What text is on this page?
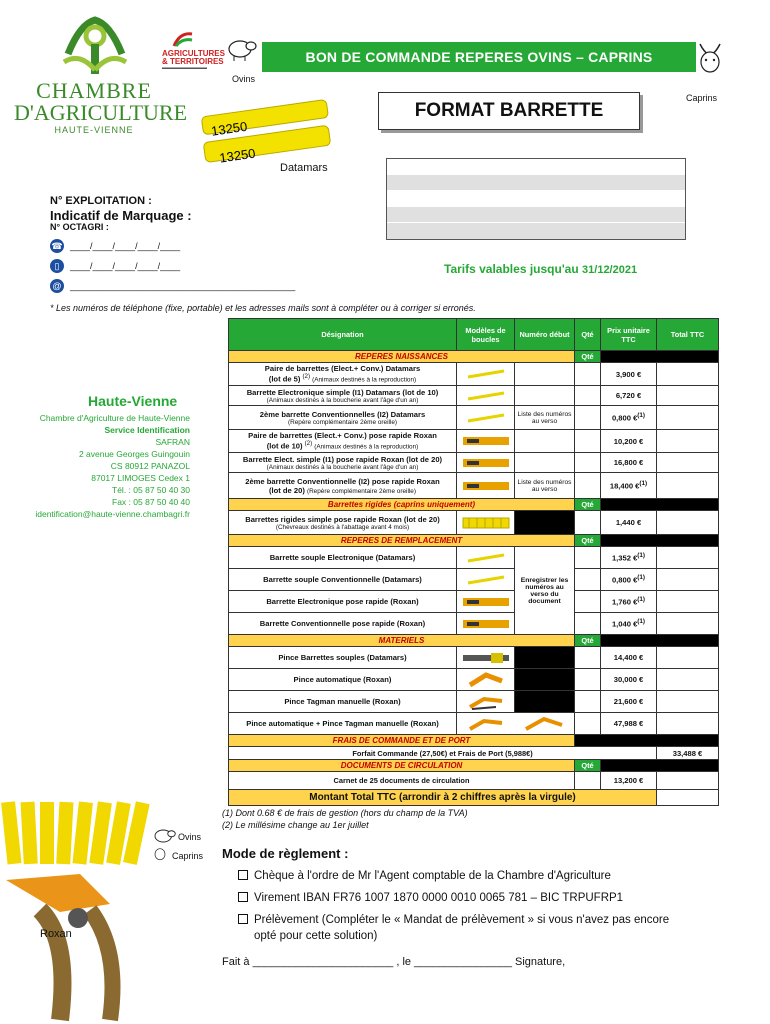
CHAMBRE
D'AGRICULTURE
HAUTE-VIENNE
AGRICULTURES
& TERRITOIRES
▬▬▬▬▬▬▬▬▬
Ovins
BON DE COMMANDE REPERES OVINS – CAPRINS
Caprins
FORMAT BARRETTE
13250
13250
Datamars
N° EXPLOITATION :
Indicatif de Marquage :
N° OCTAGRI :
☎ ____/____/____/____/____
▯	____/____/____/____/____
@ _____________________________________________
Tarifs valables jusqu'au 31/12/2021
* Les numéros de téléphone (fixe, portable) et les adresses mails sont à compléter ou à corriger si erronés.
Haute-Vienne
Chambre d'Agriculture de Haute-Vienne
Service Identification
SAFRAN
2 avenue Georges Guingouin
CS 80912 PANAZOL
87017 LIMOGES Cedex 1
Tél. : 05 87 50 40 30
Fax : 05 87 50 40 40
identification@haute-vienne.chambagri.fr
Désignation	Modèles de boucles	Numéro début	Qté	Prix unitaire TTC	Total TTC
REPERES NAISSANCES			Qté		

Paire de barrettes (Elect.+ Conv.) Datamars
(lot de 5) $^{(2)}$ (Animaux destinés à la reproduction)				3,900 €	

Barrette Electronique simple (I1) Datamars (lot de 10)
(Animaux destinés à la boucherie avant l'âge d'un an)				6,720 €	

2ème barrette Conventionnelles (I2) Datamars
(Repère complémentaire 2ème oreille)		Liste des numéros au verso		0,800 €$^{(1)}$	

Paire de barrettes (Elect.+ Conv.) pose rapide Roxan
(lot de 10) $^{(2)}$ (Animaux destinés à la reproduction)				10,200 €	

Barrette Elect. simple (I1) pose rapide Roxan (lot de 20)
(Animaux destinés à la boucherie avant l'âge d'un an)				16,800 €	

2ème barrette Conventionnelle (I2) pose rapide Roxan
(lot de 20) (Repère complémentaire 2ème oreille)		Liste des numéros au verso		18,400 €$^{(1)}$	
Barrettes rigides (caprins uniquement)			Qté		

Barrettes rigides simple pose rapide Roxan (lot de 20)
(Chevreaux destinés à l'abattage avant 4 mois)				1,440 €	
REPERES DE REMPLACEMENT			Qté		

Barrette souple Electronique (Datamars)		Enregistrer les numéros au verso du document		1,352 €$^{(1)}$	

Barrette souple Conventionnelle (Datamars)				0,800 €$^{(1)}$	

Barrette Electronique pose rapide (Roxan)				1,760 €$^{(1)}$	

Barrette Conventionnelle pose rapide (Roxan)				1,040 €$^{(1)}$	
MATERIELS			Qté		

Pince Barrettes souples (Datamars)				14,400 €	

Pince automatique (Roxan)				30,000 €	

Pince Tagman manuelle (Roxan)				21,600 €	

Pince automatique + Pince Tagman manuelle (Roxan)				47,988 €	
FRAIS DE COMMANDE ET DE PORT					
Forfait Commande (27,50€) et Frais de Port (5,988€)					33,488 €
DOCUMENTS DE CIRCULATION			Qté		
Carnet de 25 documents de circulation				13,200 €	
Montant Total TTC (arrondir à 2 chiffres après la virgule)					
(1) Dont 0.68 € de frais de gestion (hors du champ de la TVA)
(2) Le millésime change au 1er juillet
Roxan
Ovins
Caprins Mode de règlement :
Chèque à l'ordre de Mr l'Agent comptable de la Chambre d'Agriculture
Virement IBAN FR76 1007 1870 0000 0010 0065 781 – BIC TRPUFRP1
Prélèvement (Compléter le « Mandat de prélèvement » si vous n'avez pas encore
opté pour cette solution)
Fait à _______________________ , le ________________ Signature,
